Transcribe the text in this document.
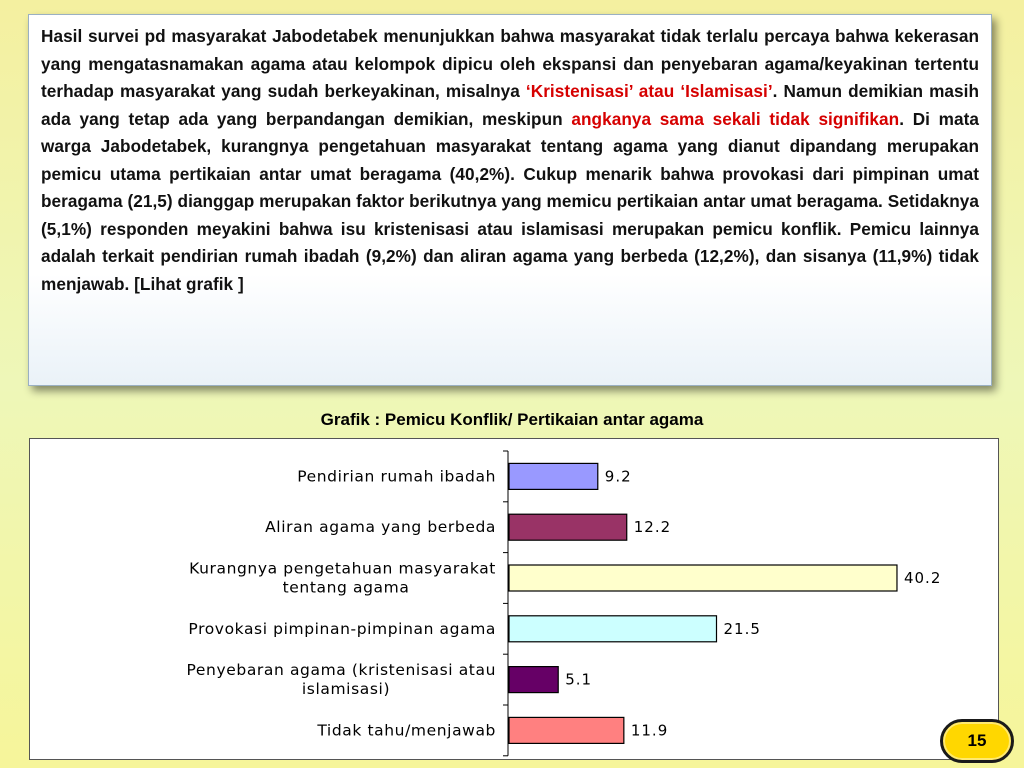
Hasil survei pd masyarakat Jabodetabek menunjukkan bahwa masyarakat tidak terlalu percaya bahwa kekerasan yang mengatasnamakan agama atau kelompok dipicu oleh ekspansi dan penyebaran agama/keyakinan tertentu terhadap masyarakat yang sudah berkeyakinan, misalnya ‘Kristenisasi’ atau ‘Islamisasi’. Namun demikian masih ada yang tetap ada yang berpandangan demikian, meskipun angkanya sama sekali tidak signifikan. Di mata warga Jabodetabek, kurangnya pengetahuan masyarakat tentang agama yang dianut dipandang merupakan pemicu utama pertikaian antar umat beragama (40,2%). Cukup menarik bahwa provokasi dari pimpinan umat beragama (21,5) dianggap merupakan faktor berikutnya yang memicu pertikaian antar umat beragama. Setidaknya (5,1%) responden meyakini bahwa isu kristenisasi atau islamisasi merupakan pemicu konflik. Pemicu lainnya adalah terkait pendirian rumah ibadah (9,2%) dan aliran agama yang berbeda (12,2%), dan sisanya (11,9%) tidak menjawab. [Lihat grafik ]

Grafik : Pemicu Konflik/ Pertikaian antar agama
9.2
Pendirian rumah ibadah
12.2
Aliran agama yang berbeda
40.2
Kurangnya pengetahuan masyarakat
tentang agama
21.5
Provokasi pimpinan-pimpinan agama
5.1
Penyebaran agama (kristenisasi atau
islamisasi)
11.9
Tidak tahu/menjawab
15
